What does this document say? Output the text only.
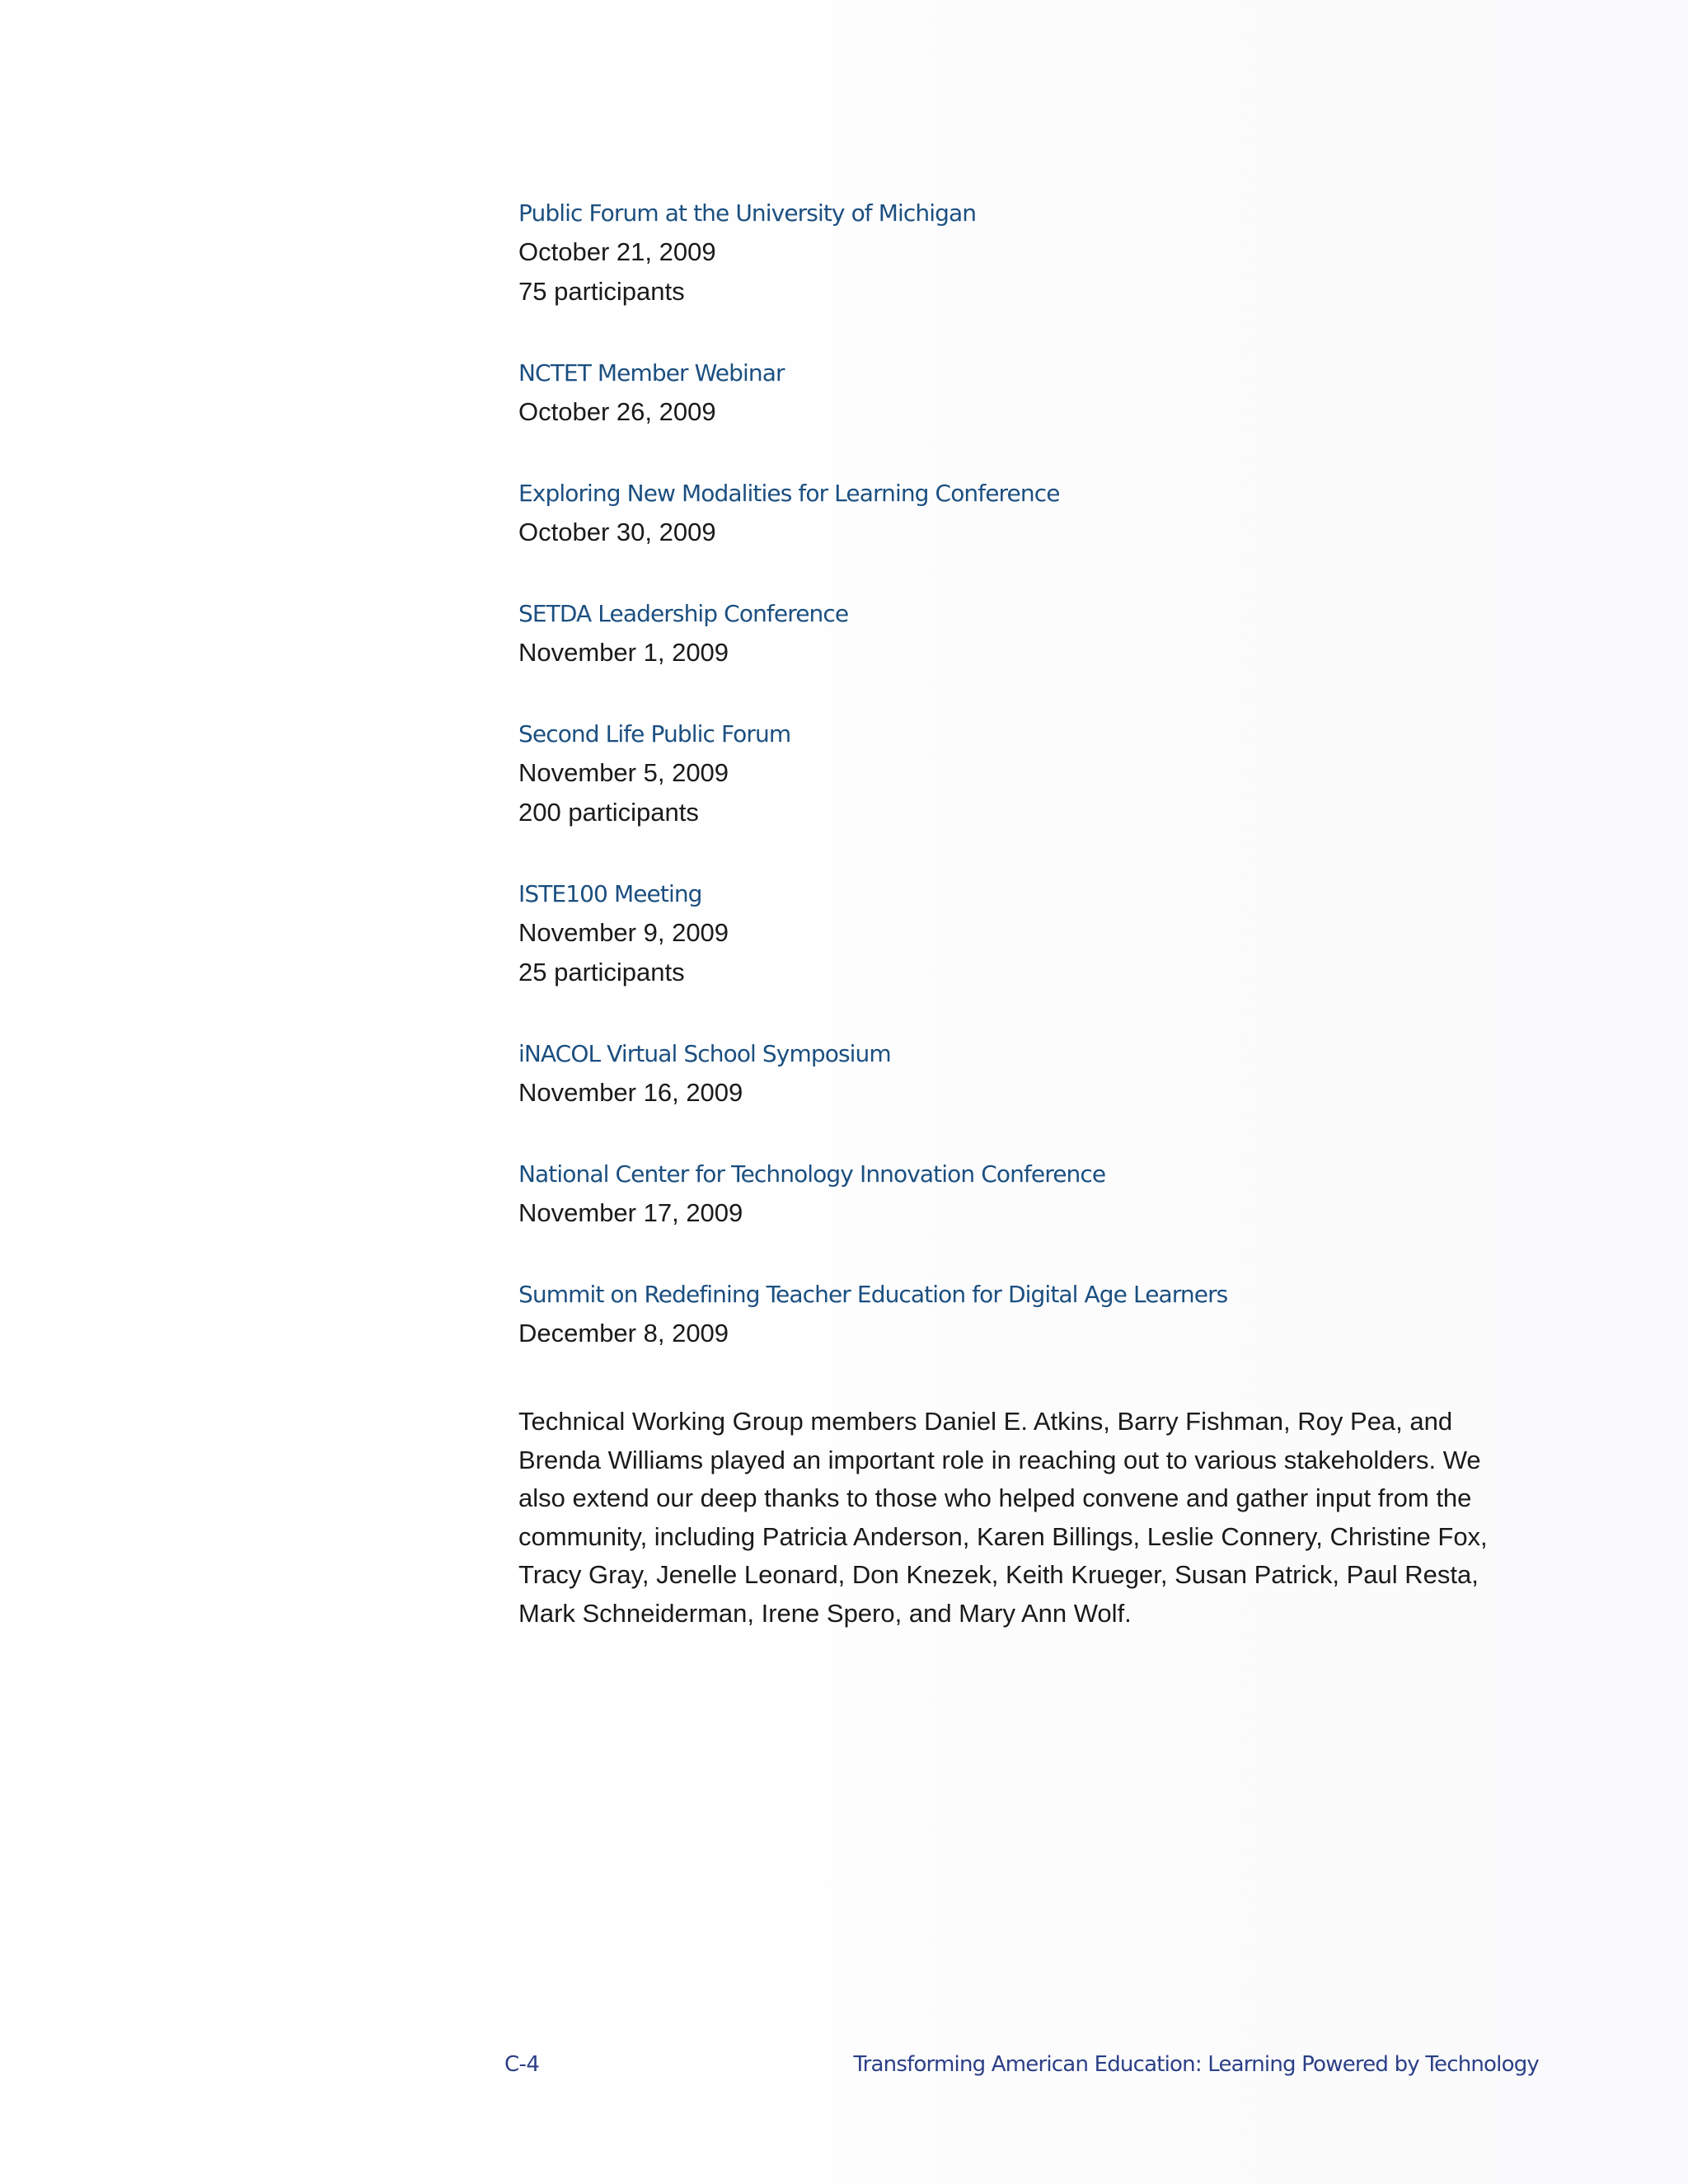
Public Forum at the University of Michigan
October 21, 2009
75 participants
NCTET Member Webinar
October 26, 2009
Exploring New Modalities for Learning Conference
October 30, 2009
SETDA Leadership Conference
November 1, 2009
Second Life Public Forum
November 5, 2009
200 participants
ISTE100 Meeting
November 9, 2009
25 participants
iNACOL Virtual School Symposium
November 16, 2009
National Center for Technology Innovation Conference
November 17, 2009
Summit on Redefining Teacher Education for Digital Age Learners
December 8, 2009

Technical Working Group members Daniel E. Atkins, Barry Fishman, Roy Pea, and Brenda Williams played an important role in reaching out to various stakeholders. We also extend our deep thanks to those who helped convene and gather input from the community, including Patricia Anderson, Karen Billings, Leslie Connery, Christine Fox, Tracy Gray, Jenelle Leonard, Don Knezek, Keith Krueger, Susan Patrick, Paul Resta, Mark Schneiderman, Irene Spero, and Mary Ann Wolf.

C-4	Transforming American Education: Learning Powered by Technology
